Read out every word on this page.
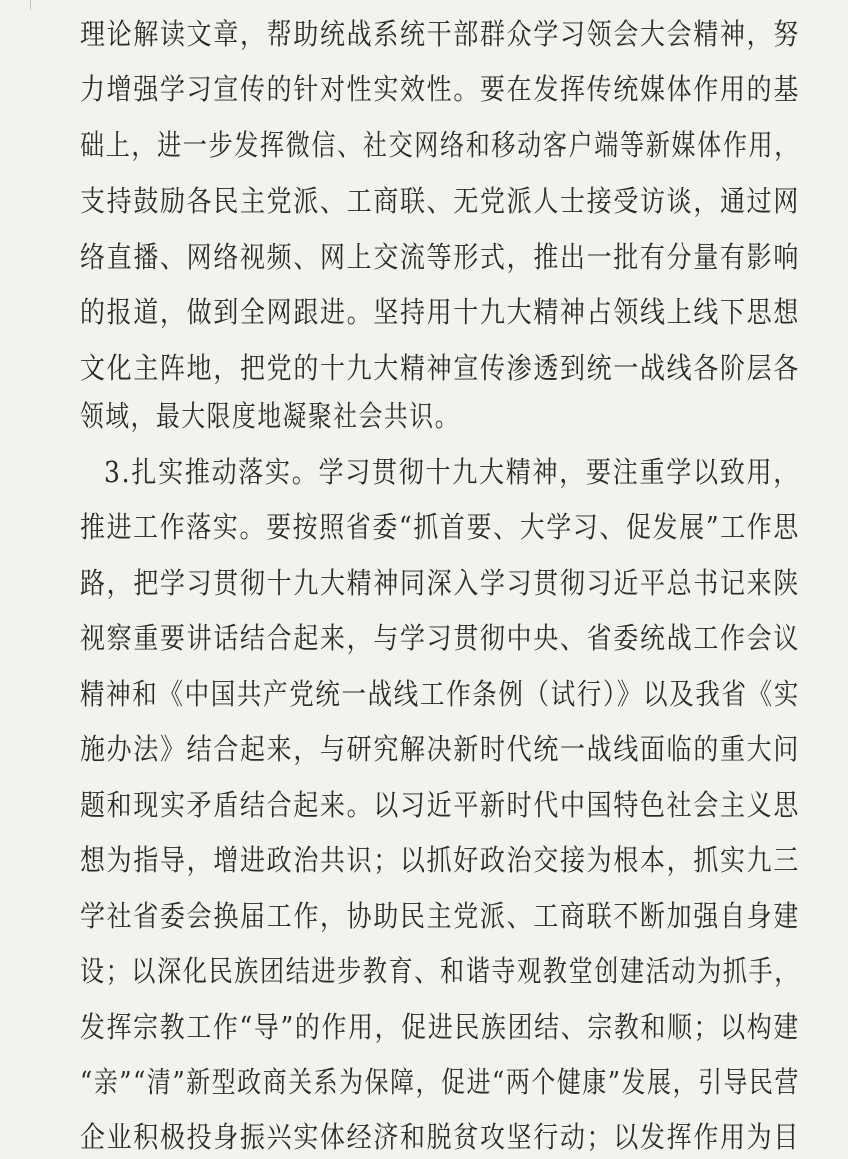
理论解读文章，帮助统战系统干部群众学习领会大会精神，努
力增强学习宣传的针对性实效性。要在发挥传统媒体作用的基
础上，进一步发挥微信、社交网络和移动客户端等新媒体作用，
支持鼓励各民主党派、工商联、无党派人士接受访谈，通过网
络直播、网络视频、网上交流等形式，推出一批有分量有影响
的报道，做到全网跟进。坚持用十九大精神占领线上线下思想
文化主阵地，把党的十九大精神宣传渗透到统一战线各阶层各
领域，最大限度地凝聚社会共识。
3.扎实推动落实。学习贯彻十九大精神，要注重学以致用，
推进工作落实。要按照省委“抓首要、大学习、促发展”工作思
路，把学习贯彻十九大精神同深入学习贯彻习近平总书记来陕
视察重要讲话结合起来，与学习贯彻中央、省委统战工作会议
精神和《中国共产党统一战线工作条例（试行）》以及我省《实
施办法》结合起来，与研究解决新时代统一战线面临的重大问
题和现实矛盾结合起来。以习近平新时代中国特色社会主义思
想为指导，增进政治共识；以抓好政治交接为根本，抓实九三
学社省委会换届工作，协助民主党派、工商联不断加强自身建
设；以深化民族团结进步教育、和谐寺观教堂创建活动为抓手，
发挥宗教工作“导”的作用，促进民族团结、宗教和顺；以构建
“亲”“清”新型政商关系为保障，促进“两个健康”发展，引导民营
企业积极投身振兴实体经济和脱贫攻坚行动；以发挥作用为目
